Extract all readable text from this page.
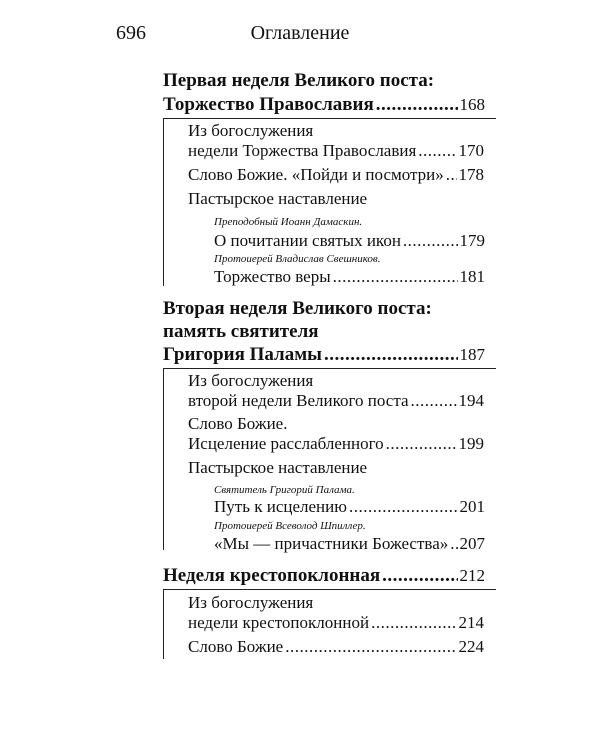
696	Оглавление
Первая неделя Великого поста:
Торжество Православия .....	168
Из богослужения
недели Торжества Православия ..... 170
Слово Божие. «Пойди и посмотри» ..... 178
Пастырское наставление
Преподобный Иоанн Дамаскин.
О почитании святых икон .....	179
Протоиерей Владислав Свешников.
Торжество веры .....	181
Вторая неделя Великого поста:
память святителя
Григория Паламы .....	187
Из богослужения
второй недели Великого поста .....	194
Слово Божие.
Исцеление расслабленного .....	199
Пастырское наставление
Святитель Григорий Палама.
Путь к исцелению .....	201
Протоиерей Всеволод Шпиллер.
«Мы — причастники Божества» ..... 207
Неделя крестопоклонная .....	212
Из богослужения
недели крестопоклонной .....	214
Слово Божие .....	224
